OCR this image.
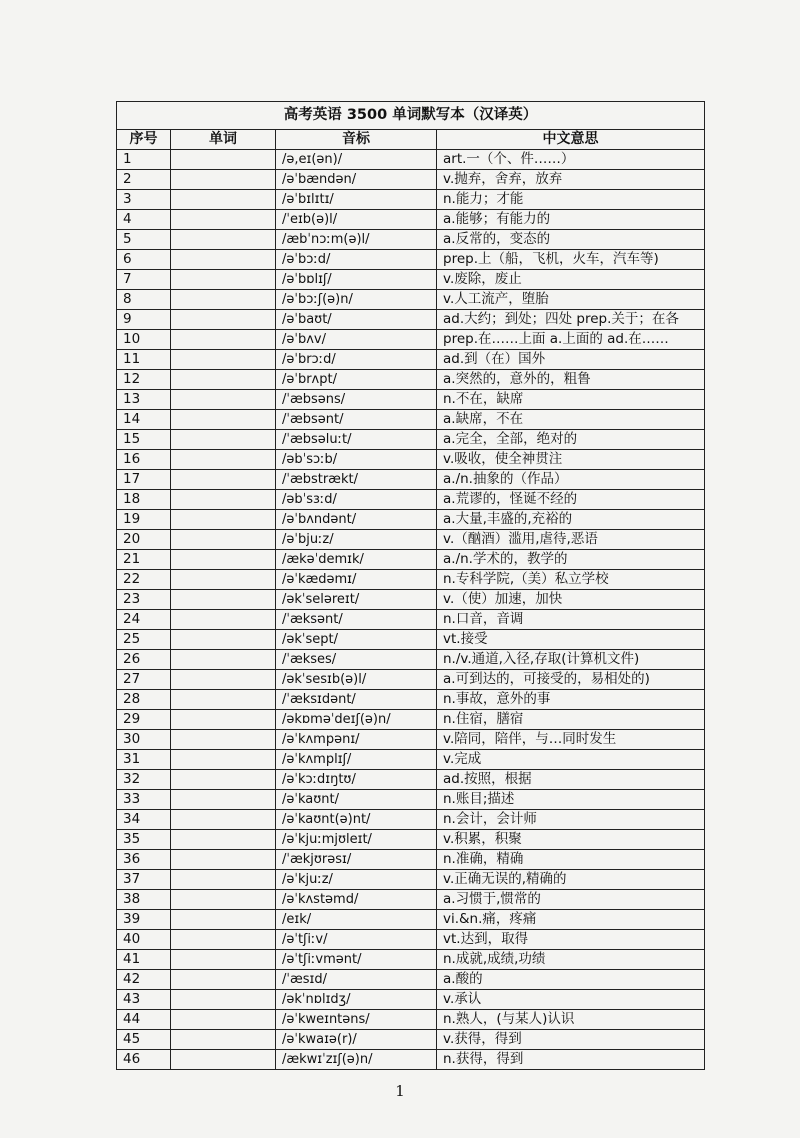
高考英语 3500 单词默写本（汉译英）			
序号	单词	音标	中文意思
1		/ə,eɪ(ən)/	art.一（个、件……）
2		/əˈbændən/	v.抛弃，舍弃，放弃
3		/əˈbɪlɪtɪ/	n.能力；才能
4		/ˈeɪb(ə)l/	a.能够；有能力的
5		/æbˈnɔːm(ə)l/	a.反常的，变态的
6		/əˈbɔːd/	prep.上（船，飞机，火车，汽车等)
7		/əˈbɒlɪʃ/	v.废除，废止
8		/əˈbɔːʃ(ə)n/	v.人工流产，堕胎
9		/əˈbaʊt/	ad.大约；到处；四处 prep.关于；在各
10		/əˈbʌv/	prep.在……上面 a.上面的 ad.在……
11		/əˈbrɔːd/	ad.到（在）国外
12		/əˈbrʌpt/	a.突然的，意外的，粗鲁
13		/ˈæbsəns/	n.不在，缺席
14		/ˈæbsənt/	a.缺席，不在
15		/ˈæbsəluːt/	a.完全，全部，绝对的
16		/əbˈsɔːb/	v.吸收，使全神贯注
17		/ˈæbstrækt/	a./n.抽象的（作品）
18		/əbˈsɜːd/	a.荒谬的，怪诞不经的
19		/əˈbʌndənt/	a.大量,丰盛的,充裕的
20		/əˈbjuːz/	v.（酗酒）滥用,虐待,恶语
21		/ækəˈdemɪk/	a./n.学术的，教学的
22		/əˈkædəmɪ/	n.专科学院,（美）私立学校
23		/əkˈseləreɪt/	v.（使）加速，加快
24		/ˈæksənt/	n.口音，音调
25		/əkˈsept/	vt.接受
26		/ˈækses/	n./v.通道,入径,存取(计算机文件)
27		/əkˈsesɪb(ə)l/	a.可到达的，可接受的，易相处的)
28		/ˈæksɪdənt/	n.事故，意外的事
29		/əkɒməˈdeɪʃ(ə)n/	n.住宿，膳宿
30		/əˈkʌmpənɪ/	v.陪同，陪伴，与…同时发生
31		/əˈkʌmplɪʃ/	v.完成
32		/əˈkɔːdɪŋtʊ/	ad.按照，根据
33		/əˈkaʊnt/	n.账目;描述
34		/əˈkaʊnt(ə)nt/	n.会计，会计师
35		/əˈkjuːmjʊleɪt/	v.积累，积聚
36		/ˈækjʊrəsɪ/	n.准确，精确
37		/əˈkjuːz/	v.正确无误的,精确的
38		/əˈkʌstəmd/	a.习惯于,惯常的
39		/eɪk/	vi.&n.痛，疼痛
40		/əˈtʃiːv/	vt.达到，取得
41		/əˈtʃiːvmənt/	n.成就,成绩,功绩
42		/ˈæsɪd/	a.酸的
43		/əkˈnɒlɪdʒ/	v.承认
44		/əˈkweɪntəns/	n.熟人，(与某人)认识
45		/əˈkwaɪə(r)/	v.获得，得到
46		/ækwɪˈzɪʃ(ə)n/	n.获得，得到
1
